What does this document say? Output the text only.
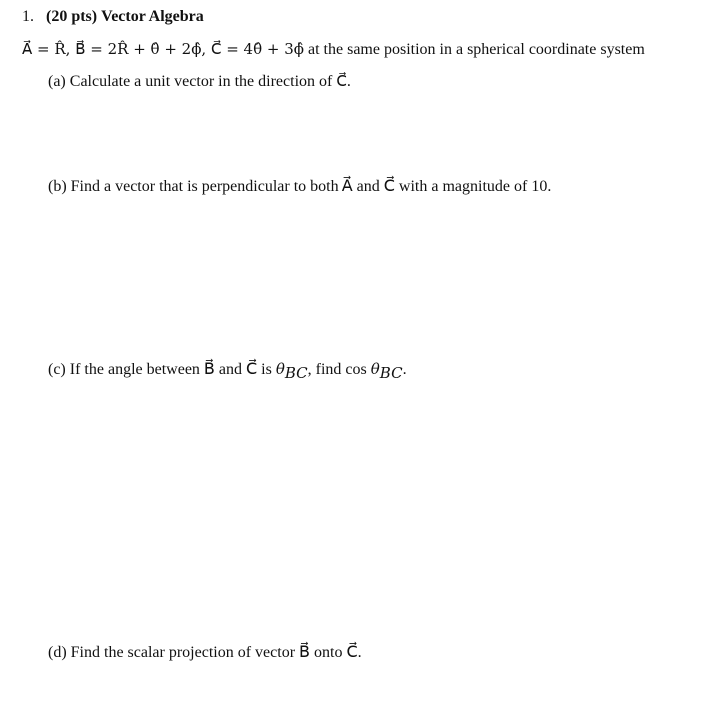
1. (20 pts) Vector Algebra
A⃗ = R̂, B⃗ = 2R̂ + θ̂ + 2ϕ̂, C⃗ = 4θ̂ + 3ϕ̂ at the same position in a spherical coordinate system
(a) Calculate a unit vector in the direction of C⃗.
(b) Find a vector that is perpendicular to both A⃗ and C⃗ with a magnitude of 10.
(c) If the angle between B⃗ and C⃗ is $\theta_{BC}$, find $\cos \theta_{BC}$.
(d) Find the scalar projection of vector B⃗ onto C⃗.
